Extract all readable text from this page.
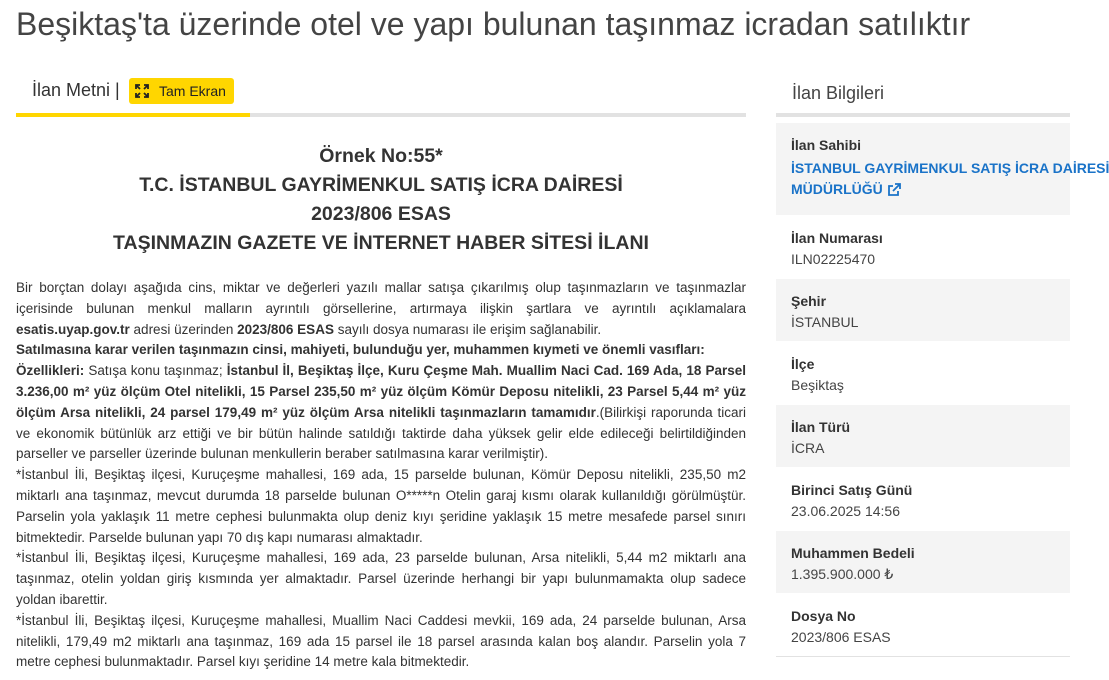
Beşiktaş'ta üzerinde otel ve yapı bulunan taşınmaz icradan satılıktır
İlan Metni |	Tam Ekran
Örnek No:55*
T.C. İSTANBUL GAYRİMENKUL SATIŞ İCRA DAİRESİ
2023/806 ESAS
TAŞINMAZIN GAZETE VE İNTERNET HABER SİTESİ İLANI

Bir borçtan dolayı aşağıda cins, miktar ve değerleri yazılı mallar satışa çıkarılmış olup taşınmazların ve taşınmazlar içerisinde bulunan menkul malların ayrıntılı görsellerine, artırmaya ilişkin şartlara ve ayrıntılı açıklamalara esatis.uyap.gov.tr adresi üzerinden 2023/806 ESAS sayılı dosya numarası ile erişim sağlanabilir.

Satılmasına karar verilen taşınmazın cinsi, mahiyeti, bulunduğu yer, muhammen kıymeti ve önemli vasıfları:

Özellikleri: Satışa konu taşınmaz; İstanbul İl, Beşiktaş İlçe, Kuru Çeşme Mah. Muallim Naci Cad. 169 Ada, 18 Parsel 3.236,00 m² yüz ölçüm Otel nitelikli, 15 Parsel 235,50 m² yüz ölçüm Kömür Deposu nitelikli, 23 Parsel 5,44 m² yüz ölçüm Arsa nitelikli, 24 parsel 179,49 m² yüz ölçüm Arsa nitelikli taşınmazların tamamıdır.(Bilirkişi raporunda ticari ve ekonomik bütünlük arz ettiği ve bir bütün halinde satıldığı taktirde daha yüksek gelir elde edileceği belirtildiğinden parseller ve parseller üzerinde bulunan menkullerin beraber satılmasına karar verilmiştir).

*İstanbul İli, Beşiktaş ilçesi, Kuruçeşme mahallesi, 169 ada, 15 parselde bulunan, Kömür Deposu nitelikli, 235,50 m2 miktarlı ana taşınmaz, mevcut durumda 18 parselde bulunan O*****n Otelin garaj kısmı olarak kullanıldığı görülmüştür. Parselin yola yaklaşık 11 metre cephesi bulunmakta olup deniz kıyı şeridine yaklaşık 15 metre mesafede parsel sınırı bitmektedir. Parselde bulunan yapı 70 dış kapı numarası almaktadır.

*İstanbul İli, Beşiktaş ilçesi, Kuruçeşme mahallesi, 169 ada, 23 parselde bulunan, Arsa nitelikli, 5,44 m2 miktarlı ana taşınmaz, otelin yoldan giriş kısmında yer almaktadır. Parsel üzerinde herhangi bir yapı bulunmamakta olup sadece yoldan ibarettir.

*İstanbul İli, Beşiktaş ilçesi, Kuruçeşme mahallesi, Muallim Naci Caddesi mevkii, 169 ada, 24 parselde bulunan, Arsa nitelikli, 179,49 m2 miktarlı ana taşınmaz, 169 ada 15 parsel ile 18 parsel arasında kalan boş alandır. Parselin yola 7 metre cephesi bulunmaktadır. Parsel kıyı şeridine 14 metre kala bitmektedir.

İlan Bilgileri
İlan Sahibi
İSTANBUL GAYRİMENKUL SATIŞ İCRA DAİRESİ
MÜDÜRLÜĞÜ
İlan Numarası
ILN02225470
Şehir
İSTANBUL
İlçe
Beşiktaş
İlan Türü
İCRA
Birinci Satış Günü
23.06.2025 14:56
Muhammen Bedeli
1.395.900.000 ₺
Dosya No
2023/806 ESAS
